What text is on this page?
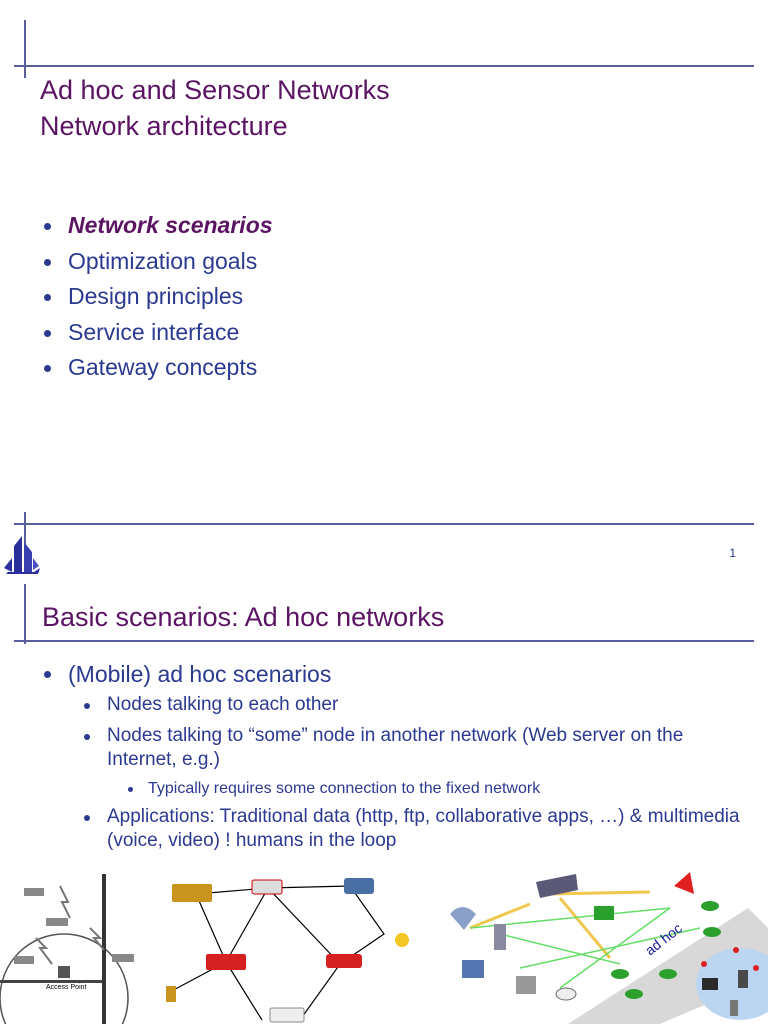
Ad hoc and Sensor Networks
Network architecture
Network scenarios
Optimization goals
Design principles
Service interface
Gateway concepts
1
Basic scenarios: Ad hoc networks
(Mobile) ad hoc scenarios
Nodes talking to each other
Nodes talking to “some” node in another network (Web server on the Internet, e.g.)
Typically requires some connection to the fixed network
Applications: Traditional data (http, ftp, collaborative apps, …) & multimedia (voice, video) ! humans in the loop
Access Point
ad hoc
